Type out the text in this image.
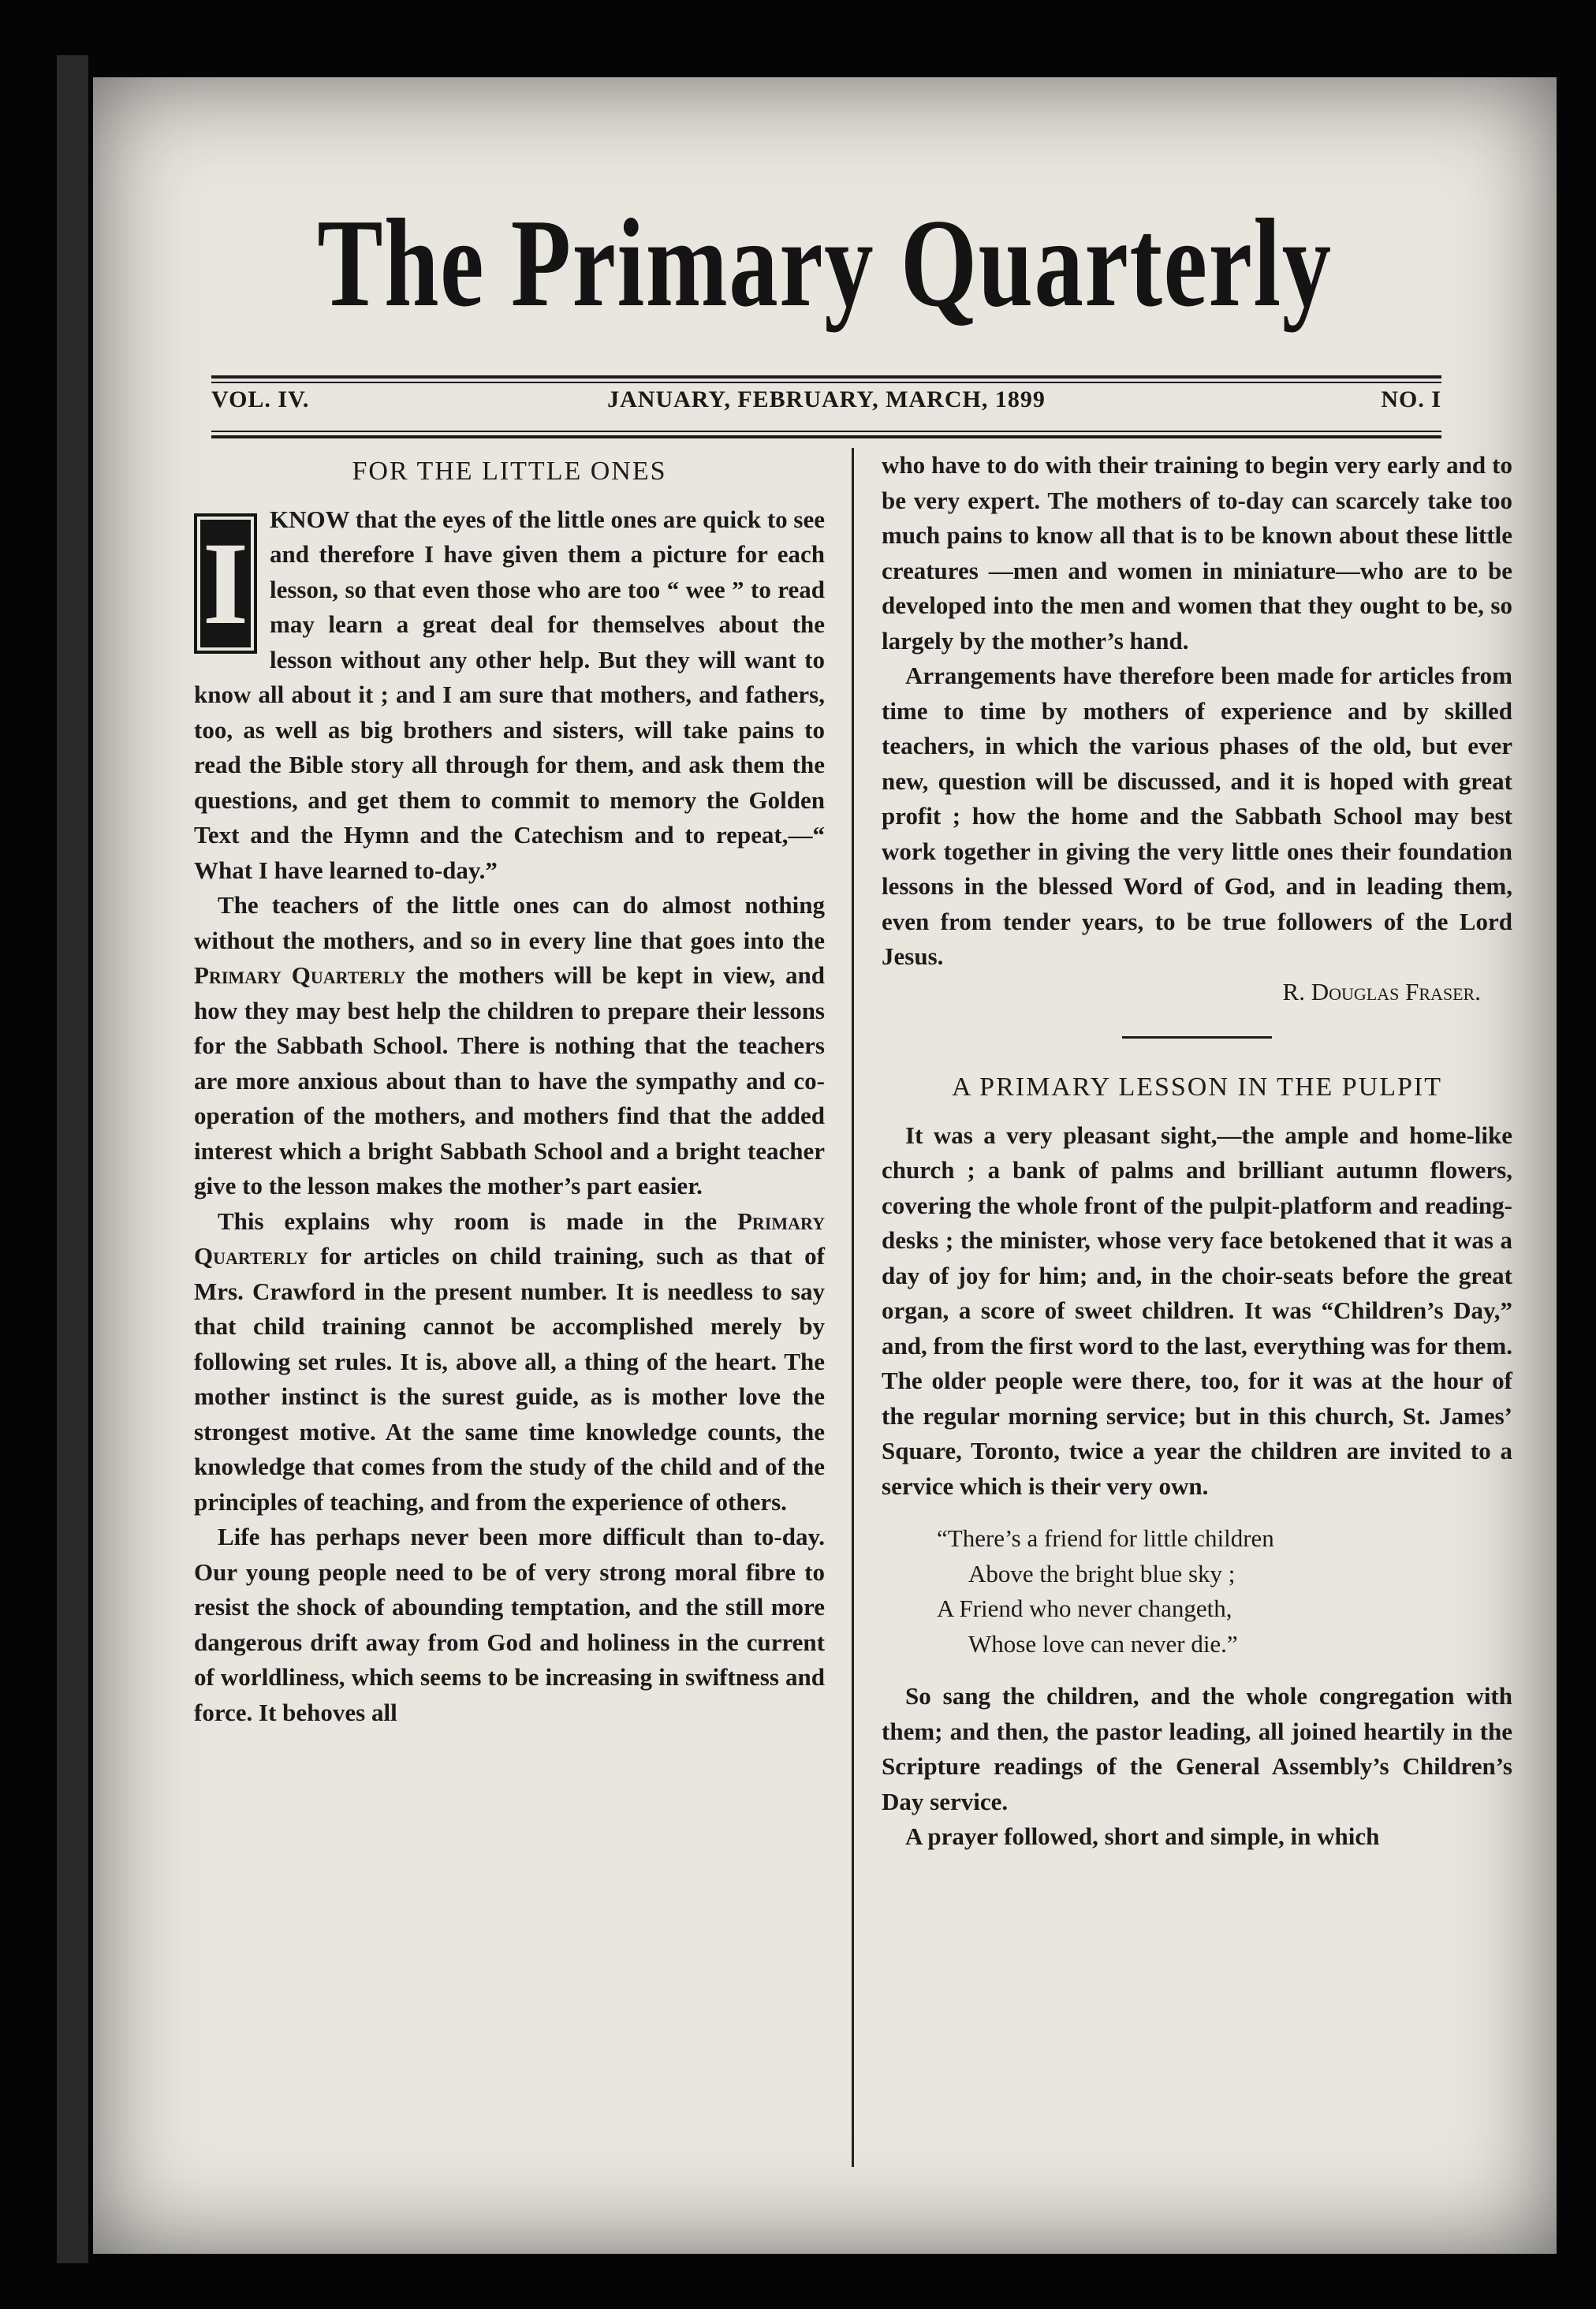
The Primary Quarterly
VOL. IV.	JANUARY, FEBRUARY, MARCH, 1899	NO. I
FOR THE LITTLE ONES

I KNOW that the eyes of the little ones are quick to see and therefore I have given them a picture for each lesson, so that even those who are too “ wee ” to read may learn a great deal for themselves about the lesson without any other help. But they will want to know all about it ; and I am sure that mothers, and fathers, too, as well as big brothers and sisters, will take pains to read the Bible story all through for them, and ask them the questions, and get them to commit to memory the Golden Text and the Hymn and the Catechism and to repeat,—“ What I have learned to-day.”

The teachers of the little ones can do almost nothing without the mothers, and so in every line that goes into the Primary Quarterly the mothers will be kept in view, and how they may best help the children to prepare their lessons for the Sabbath School. There is nothing that the teachers are more anxious about than to have the sympathy and co-operation of the mothers, and mothers find that the added interest which a bright Sabbath School and a bright teacher give to the lesson makes the mother’s part easier.

This explains why room is made in the Primary Quarterly for articles on child training, such as that of Mrs. Crawford in the present number. It is needless to say that child training cannot be accomplished merely by following set rules. It is, above all, a thing of the heart. The mother instinct is the surest guide, as is mother love the strongest motive. At the same time knowledge counts, the knowledge that comes from the study of the child and of the principles of teaching, and from the experience of others.

Life has perhaps never been more difficult than to-day. Our young people need to be of very strong moral fibre to resist the shock of abounding temptation, and the still more dangerous drift away from God and holiness in the current of worldliness, which seems to be increasing in swiftness and force. It behoves all

who have to do with their training to begin very early and to be very expert. The mothers of to-day can scarcely take too much pains to know all that is to be known about these little creatures —men and women in miniature—who are to be developed into the men and women that they ought to be, so largely by the mother’s hand.

Arrangements have therefore been made for articles from time to time by mothers of experience and by skilled teachers, in which the various phases of the old, but ever new, question will be discussed, and it is hoped with great profit ; how the home and the Sabbath School may best work together in giving the very little ones their foundation lessons in the blessed Word of God, and in leading them, even from tender years, to be true followers of the Lord Jesus.

R. Douglas Fraser.

A PRIMARY LESSON IN THE PULPIT

It was a very pleasant sight,—the ample and home-like church ; a bank of palms and brilliant autumn flowers, covering the whole front of the pulpit-platform and reading-desks ; the minister, whose very face betokened that it was a day of joy for him; and, in the choir-seats before the great organ, a score of sweet children. It was “Children’s Day,” and, from the first word to the last, everything was for them. The older people were there, too, for it was at the hour of the regular morning service; but in this church, St. James’ Square, Toronto, twice a year the children are invited to a service which is their very own.

“There’s a friend for little children
Above the bright blue sky ;
A Friend who never changeth,
Whose love can never die.”

So sang the children, and the whole congregation with them; and then, the pastor leading, all joined heartily in the Scripture readings of the General Assembly’s Children’s Day service.

A prayer followed, short and simple, in which
